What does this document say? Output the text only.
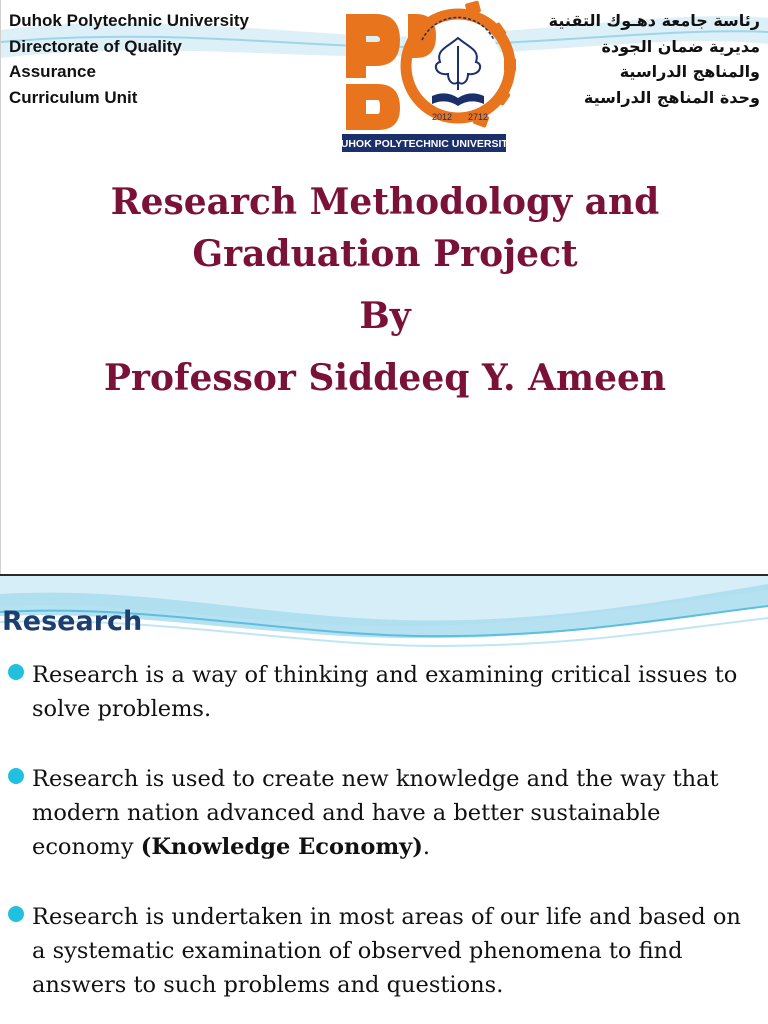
Duhok Polytechnic University
Directorate of Quality
Assurance
Curriculum Unit
2012 2712
DUHOK POLYTECHNIC UNIVERSITY
رئاسة جامعة دهـوك التقنية
مديرية ضمان الجودة
والمناهج الدراسية
وحدة المناهج الدراسية
Research Methodology and
Graduation Project
By
Professor Siddeeq Y. Ameen
Research
Research is a way of thinking and examining critical issues to solve problems.
Research is used to create new knowledge and the way that modern nation advanced and have a better sustainable economy (Knowledge Economy).
Research is undertaken in most areas of our life and based on a systematic examination of observed phenomena to find answers to such problems and questions.
